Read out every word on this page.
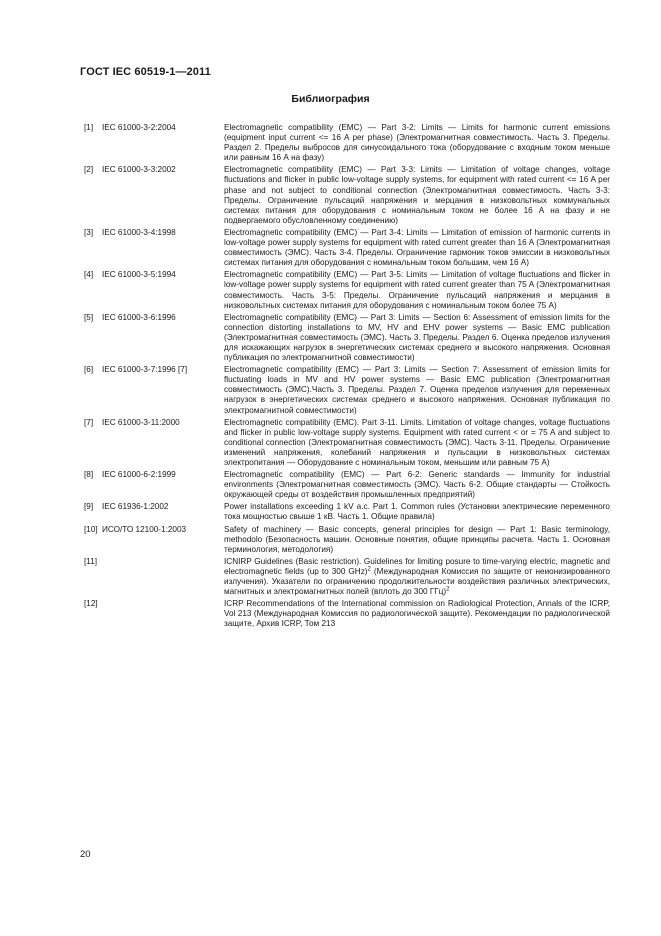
ГОСТ IEC 60519-1—2011
Библиография
[1]	IEC 61000-3-2:2004	Electromagnetic compatibility (EMC) — Part 3-2: Limits — Limits for harmonic current emissions (equipment input current <= 16 A per phase) (Электромагнитная совместимость. Часть 3. Пределы. Раздел 2. Пределы выбросов для синусоидального тока (оборудование с входным током меньше или равным 16 А на фазу)
[2]	IEC 61000-3-3:2002	Electromagnetic compatibility (EMC) — Part 3-3: Limits — Limitation of voltage changes, voltage fluctuations and flicker in public low-voltage supply systems, for equipment with rated current <= 16 A per phase and not subject to conditional connection (Электромагнитная совместимость. Часть 3-3: Пределы. Ограничение пульсаций напряжения и мерцания в низковольтных коммунальных системах питания для оборудования с номинальным током не более 16 А на фазу и не подвергаемого обусловленному соединению)
[3]	IEC 61000-3-4:1998	Electromagnetic compatibility (EMC) — Part 3-4: Limits — Limitation of emission of harmonic currents in low-voltage power supply systems for equipment with rated current greater than 16 A (Электромагнитная совместимость (ЭМС). Часть 3-4. Пределы. Ограничение гармоник токов эмиссии в низковольтных системах питания для оборудования с номинальным током большим, чем 16 А)
[4]	IEC 61000-3-5:1994	Electromagnetic compatibility (EMC) — Part 3-5: Limits — Limitation of voltage fluctuations and flicker in low-voltage power supply systems for equipment with rated current greater than 75 A (Электромагнитная совместимость. Часть 3-5: Пределы. Ограничение пульсаций напряжения и мерцания в низковольтных системах питания для оборудования с номинальным током более 75 А)
[5]	IEC 61000-3-6:1996	Electromagnetic compatibility (EMC) — Part 3: Limits — Section 6: Assessment of emission limits for the connection distorting installations to MV, HV and EHV power systems — Basic EMC publication (Электромагнитная совместимость (ЭМС). Часть 3. Пределы. Раздел 6. Оценка пределов излучения для искажающих нагрузок в энергетических системах среднего и высокого напряжения. Основная публикация по электромагнитной совместимости)
[6]	IEC 61000-3-7:1996 [7]	Electromagnetic compatibility (EMC) — Part 3: Limits — Section 7: Assessment of emission limits for fluctuating loads in MV and HV power systems — Basic EMC publication (Электромагнитная совместимость (ЭМС).Часть 3. Пределы. Раздел 7. Оценка пределов излучения для переменных нагрузок в энергетических системах среднего и высокого напряжения. Основная публикация по электромагнитной совместимости)
[7]	IEC 61000-3-11:2000	Electromagnetic compatibility (EMC). Part 3-11. Limits. Limitation of voltage changes, voltage fluctuations and flicker in public low-voltage supply systems. Equipment with rated current < or = 75 A and subject to conditional connection (Электромагнитная совместимость (ЭМС). Часть 3-11. Пределы. Ограничение изменений напряжения, колебаний напряжения и пульсации в низковольтных системах электропитания — Оборудование с номинальным током, меньшим или равным 75 А)
[8]	IEC 61000-6-2:1999	Electromagnetic compatibility (EMC) — Part 6-2: Generic standards — Immunity for industrial environments (Электромагнитная совместимость (ЭМС). Часть 6-2. Общие стандарты — Стойкость окружающей среды от воздействия промышленных предприятий)
[9]	IEC 61936-1:2002	Power installations exceeding 1 kV a.c. Part 1. Common rules (Установки электрические переменного тока мощностью свыше 1 кВ. Часть 1. Общие правила)
[10] ИСО/ТО 12100-1:2003	Safety of machinery — Basic concepts, general principles for design — Part 1: Basic terminology, methodolo (Безопасность машин. Основные понятия, общие принципы расчета. Часть 1. Основная терминология, методология)
[11]	ICNIRP Guidelines (Basic restriction). Guidelines for limiting posure to time-varying electric, magnetic and electromagnetic fields (up to 300 GHz)$^2$ (Международная Комиссия по защите от неионизированного излучения). Указатели по ограничению продолжительности воздействия различных электрических, магнитных и электромагнитных полей (вплоть до 300 ГГц)$^2$
[12]	ICRP Recommendations of the International commission on Radiological Protection, Annals of the ICRP, Vol 213 (Международная Комиссия по радиологической защите). Рекомендации по радиологической защите, Архив ICRP, Том 213
20
